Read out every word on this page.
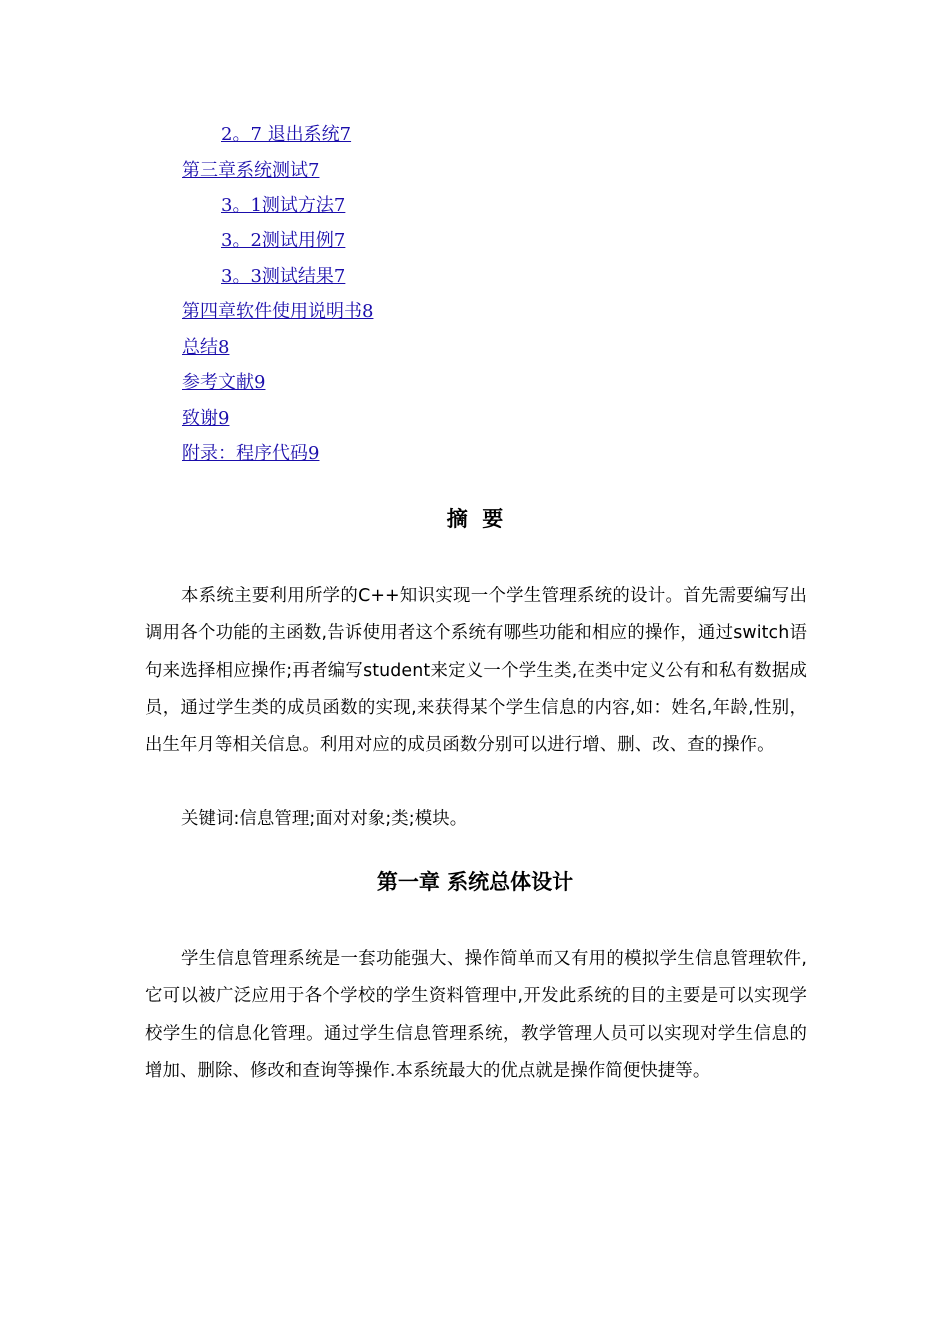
2。7 退出系统7
第三章系统测试7
3。1测试方法7
3。2测试用例7
3。3测试结果7
第四章软件使用说明书8
总结8
参考文献9
致谢9
附录：程序代码9
摘  要

本系统主要利用所学的C++知识实现一个学生管理系统的设计。首先需要编写出调用各个功能的主函数,告诉使用者这个系统有哪些功能和相应的操作，通过switch语句来选择相应操作;再者编写student来定义一个学生类,在类中定义公有和私有数据成员，通过学生类的成员函数的实现,来获得某个学生信息的内容,如：姓名,年龄,性别，出生年月等相关信息。利用对应的成员函数分别可以进行增、删、改、查的操作。

关键词:信息管理;面对对象;类;模块。

第一章 系统总体设计

学生信息管理系统是一套功能强大、操作简单而又有用的模拟学生信息管理软件,它可以被广泛应用于各个学校的学生资料管理中,开发此系统的目的主要是可以实现学校学生的信息化管理。通过学生信息管理系统，教学管理人员可以实现对学生信息的增加、删除、修改和查询等操作.本系统最大的优点就是操作简便快捷等。
